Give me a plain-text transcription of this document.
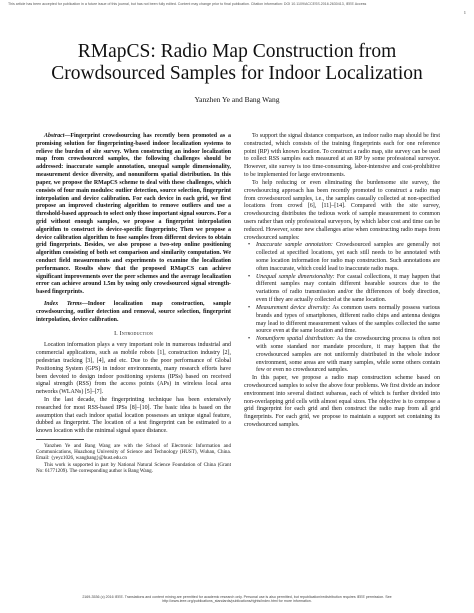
This article has been accepted for publication in a future issue of this journal, but has not been fully edited. Content may change prior to final publication. Citation information: DOI 10.1109/ACCESS.2016.2630413, IEEE Access
1
RMapCS: Radio Map Construction from
Crowdsourced Samples for Indoor Localization
Yanzhen Ye and Bang Wang

Abstract—Fingerprint crowdsourcing has recently been promoted as a promising solution for fingerprinting-based indoor localization systems to relieve the burden of site survey. When constructing an indoor localization map from crowdsourced samples, the following challenges should be addressed: inaccurate sample annotation, unequal sample dimensionality, measurement device diversity, and nonuniform spatial distribution. In this paper, we propose the RMapCS scheme to deal with these challenges, which consists of four main modules: outlier detection, source selection, fingerprint interpolation and device calibration. For each device in each grid, we first propose an improved clustering algorithm to remove outliers and use a threshold-based approach to select only those important signal sources. For a grid without enough samples, we propose a fingerprint interpolation algorithm to construct its device-specific fingerprints; Then we propose a device calibration algorithm to fuse samples from different devices to obtain grid fingerprints. Besides, we also propose a two-step online positioning algorithm consisting of both set comparison and similarity computation. We conduct field measurements and experiments to examine the localization performance. Results show that the proposed RMapCS can achieve significant improvements over the peer schemes and the average localization error can achieve around 1.5m by using only crowdsourced signal strength-based fingerprints.

Index Terms—Indoor localization map construction, sample crowdsourcing, outlier detection and removal, source selection, fingerprint interpolation, device calibration.

I. Introduction

Location information plays a very important role in numerous industrial and commercial applications, such as mobile robots [1], construction industry [2], pedestrian tracking [3], [4], and etc. Due to the poor performance of Global Positioning System (GPS) in indoor environments, many research efforts have been devoted to design indoor positioning systems (IPSs) based on received signal strength (RSS) from the access points (APs) in wireless local area networks (WLANs) [5]–[7].

In the last decade, the fingerprinting technique has been extensively researched for most RSS-based IPSs [8]–[10]. The basic idea is based on the assumption that each indoor spatial location possesses an unique signal feature, dubbed as fingerprint. The location of a test fingerprint can be estimated to a known location with the minimal signal space distance.

Yanzhen Ye and Bang Wang are with the School of Electronic Information and Communications, Huazhong University of Science and Technology (HUST), Wuhan, China. Email: {yeyz1026, wangbang}@hust.edu.cn

This work is supported in part by National Natural Science Foundation of China (Grant No: 61771209). The corresponding author is Bang Wang.

To support the signal distance comparison, an indoor radio map should be first constructed, which consists of the training fingerprints each for one reference point (RP) with known location. To construct a radio map, site survey can be used to collect RSS samples each measured at an RP by some professional surveyor. However, site survey is too time-consuming, labor-intensive and cost-prohibitive to be implemented for large environments.

To help reducing or even eliminating the burdensome site survey, the crowdsourcing approach has been recently promoted to construct a radio map from crowdsourced samples, i.e., the samples casually collected at non-specified locations from crowd [6], [11]–[14]. Compared with the site survey, crowdsourcing distributes the tedious work of sample measurement to common users rather than only professional surveyors, by which labor cost and time can be reduced. However, some new challenges arise when constructing radio maps from crowdsourced samples:

• Inaccurate sample annotation: Crowdsourced samples are generally not collected at specified locations, yet each still needs to be annotated with some location information for radio map construction. Such annotations are often inaccurate, which could lead to inaccurate radio maps.
• Unequal sample dimensionality: For casual collections, it may happen that different samples may contain different hearable sources due to the variations of radio transmission and/or the differences of body direction, even if they are actually collected at the same location.
• Measurement device diversity: As common users normally possess various brands and types of smartphones, different radio chips and antenna designs may lead to different measurement values of the samples collected the same source even at the same location and time.
• Nonuniform spatial distribution: As the crowdsourcing process is often not with some standard nor mandate procedure, it may happen that the crowdsourced samples are not uniformly distributed in the whole indoor environment, some areas are with many samples, while some others contain few or even no crowdsourced samples.

In this paper, we propose a radio map construction scheme based on crowdsourced samples to solve the above four problems. We first divide an indoor environment into several distinct subareas, each of which is further divided into non-overlapping grid cells with almost equal sizes. The objective is to compose a grid fingerprint for each grid and then construct the radio map from all grid fingerprints. For each grid, we propose to maintain a support set containing its crowdsourced samples.

2169-3536 (c) 2016 IEEE. Translations and content mining are permitted for academic research only. Personal use is also permitted, but republication/redistribution requires IEEE permission. See
http://www.ieee.org/publications_standards/publications/rights/index.html for more information.
